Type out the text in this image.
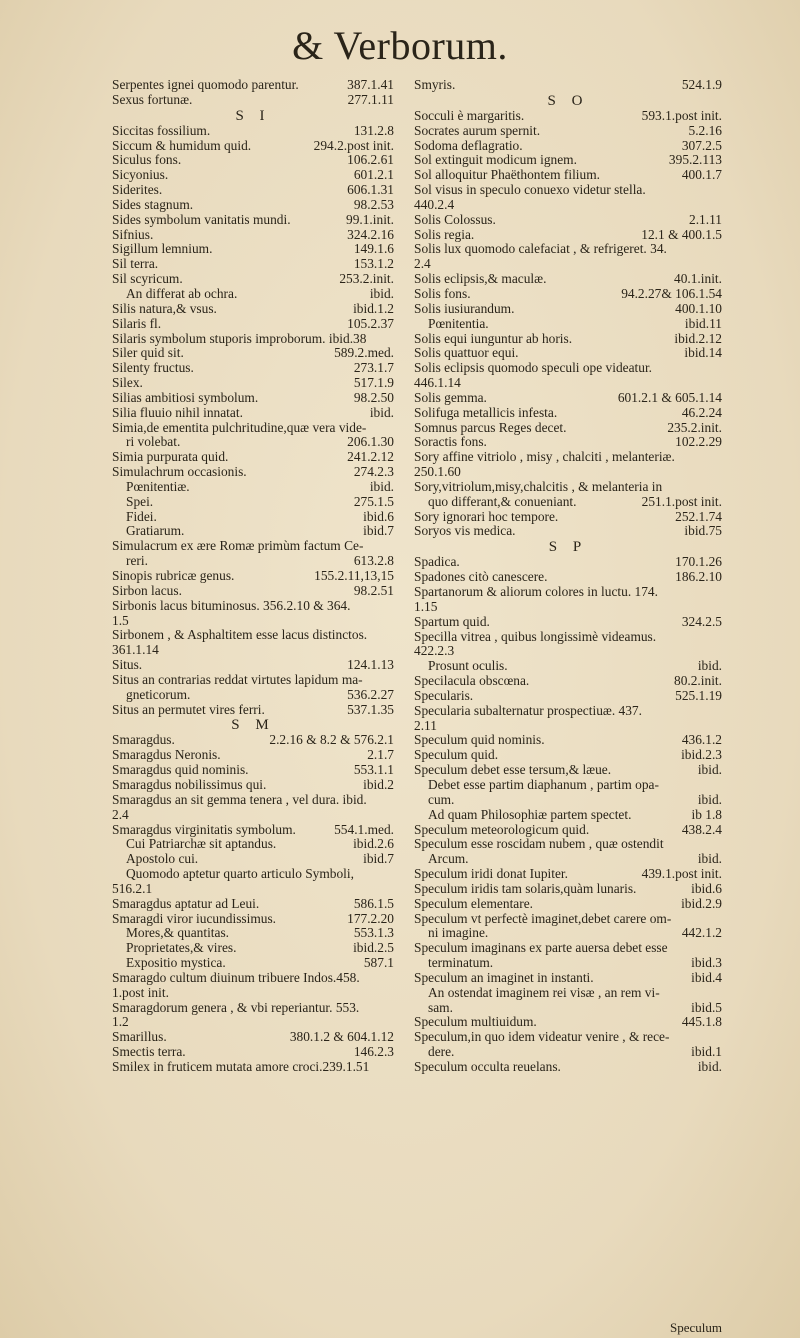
& Verborum.
Serpentes ignei quomodo parentur.	387.1.41
Sexus fortunæ.	277.1.11
S I
Siccitas fossilium.	131.2.8
Siccum & humidum quid.	294.2.post init.
Siculus fons.	106.2.61
Sicyonius.	601.2.1
Siderites.	606.1.31
Sides stagnum.	98.2.53
Sides symbolum vanitatis mundi.	99.1.init.
Sifnius.	324.2.16
Sigillum lemnium.	149.1.6
Sil terra.	153.1.2
Sil scyricum.	253.2.init.
An differat ab ochra.	ibid.
Silis natura,& vsus.	ibid.1.2
Silaris fl.	105.2.37
Silaris symbolum stuporis improborum. ibid.38
Siler quid sit.	589.2.med.
Silenty fructus.	273.1.7
Silex.	517.1.9
Silias ambitiosi symbolum.	98.2.50
Silia fluuio nihil innatat.	ibid.
Simia,de ementita pulchritudine,quæ vera vide-
ri volebat.	206.1.30
Simia purpurata quid.	241.2.12
Simulachrum occasionis.	274.2.3
Pœnitentiæ.	ibid.
Spei.	275.1.5
Fidei.	ibid.6
Gratiarum.	ibid.7
Simulacrum ex ære Romæ primùm factum Ce-
reri.	613.2.8
Sinopis rubricæ genus.	155.2.11,13,15
Sirbon lacus.	98.2.51
Sirbonis lacus bituminosus. 356.2.10 & 364.
1.5
Sirbonem , & Asphaltitem esse lacus distinctos.
361.1.14
Situs.	124.1.13
Situs an contrarias reddat virtutes lapidum ma-
gneticorum.	536.2.27
Situs an permutet vires ferri.	537.1.35
S M
Smaragdus.	2.2.16 & 8.2 & 576.2.1
Smaragdus Neronis.	2.1.7
Smaragdus quid nominis.	553.1.1
Smaragdus nobilissimus qui.	ibid.2
Smaragdus an sit gemma tenera , vel dura. ibid.
2.4
Smaragdus virginitatis symbolum.	554.1.med.
Cui Patriarchæ sit aptandus.	ibid.2.6
Apostolo cui.	ibid.7
Quomodo aptetur quarto articulo Symboli,
516.2.1
Smaragdus aptatur ad Leui.	586.1.5
Smaragdi viror iucundissimus.	177.2.20
Mores,& quantitas.	553.1.3
Proprietates,& vires.	ibid.2.5
Expositio mystica.	587.1
Smaragdo cultum diuinum tribuere Indos.458.
1.post init.
Smaragdorum genera , & vbi reperiantur. 553.
1.2
Smarillus.	380.1.2 & 604.1.12
Smectis terra.	146.2.3
Smilex in fruticem mutata amore croci.239.1.51
Smyris.	524.1.9
S O
Socculi è margaritis.	593.1.post init.
Socrates aurum spernit.	5.2.16
Sodoma deflagratio.	307.2.5
Sol extinguit modicum ignem.	395.2.113
Sol alloquitur Phaëthontem filium.	400.1.7
Sol visus in speculo conuexo videtur stella.
440.2.4
Solis Colossus.	2.1.11
Solis regia.	12.1 & 400.1.5
Solis lux quomodo calefaciat , & refrigeret. 34.
2.4
Solis eclipsis,& maculæ.	40.1.init.
Solis fons.	94.2.27& 106.1.54
Solis iusiurandum.	400.1.10
Pœnitentia.	ibid.11
Solis equi iunguntur ab horis.	ibid.2.12
Solis quattuor equi.	ibid.14
Solis eclipsis quomodo speculi ope videatur.
446.1.14
Solis gemma.	601.2.1 & 605.1.14
Solifuga metallicis infesta.	46.2.24
Somnus parcus Reges decet.	235.2.init.
Soractis fons.	102.2.29
Sory affine vitriolo , misy , chalciti , melanteriæ.
250.1.60
Sory,vitriolum,misy,chalcitis , & melanteria in
quo differant,& conueniant.	251.1.post init.
Sory ignorari hoc tempore.	252.1.74
Soryos vis medica.	ibid.75
S P
Spadica.	170.1.26
Spadones citò canescere.	186.2.10
Spartanorum & aliorum colores in luctu. 174.
1.15
Spartum quid.	324.2.5
Specilla vitrea , quibus longissimè videamus.
422.2.3
Prosunt oculis.	ibid.
Specilacula obscœna.	80.2.init.
Specularis.	525.1.19
Specularia subalternatur prospectiuæ. 437.
2.11
Speculum quid nominis.	436.1.2
Speculum quid.	ibid.2.3
Speculum debet esse tersum,& læue.	ibid.
Debet esse partim diaphanum , partim opa-
cum.	ibid.
Ad quam Philosophiæ partem spectet.	ib 1.8
Speculum meteorologicum quid.	438.2.4
Speculum esse roscidam nubem , quæ ostendit
Arcum.	ibid.
Speculum iridi donat Iupiter.	439.1.post init.
Speculum iridis tam solaris,quàm lunaris.	ibid.6
Speculum elementare.	ibid.2.9
Speculum vt perfectè imaginet,debet carere om-
ni imagine.	442.1.2
Speculum imaginans ex parte auersa debet esse
terminatum.	ibid.3
Speculum an imaginet in instanti.	ibid.4
An ostendat imaginem rei visæ , an rem vi-
sam.	ibid.5
Speculum multiuidum.	445.1.8
Speculum,in quo idem videatur venire , & rece-
dere.	ibid.1
Speculum occulta reuelans.	ibid.
Speculum
